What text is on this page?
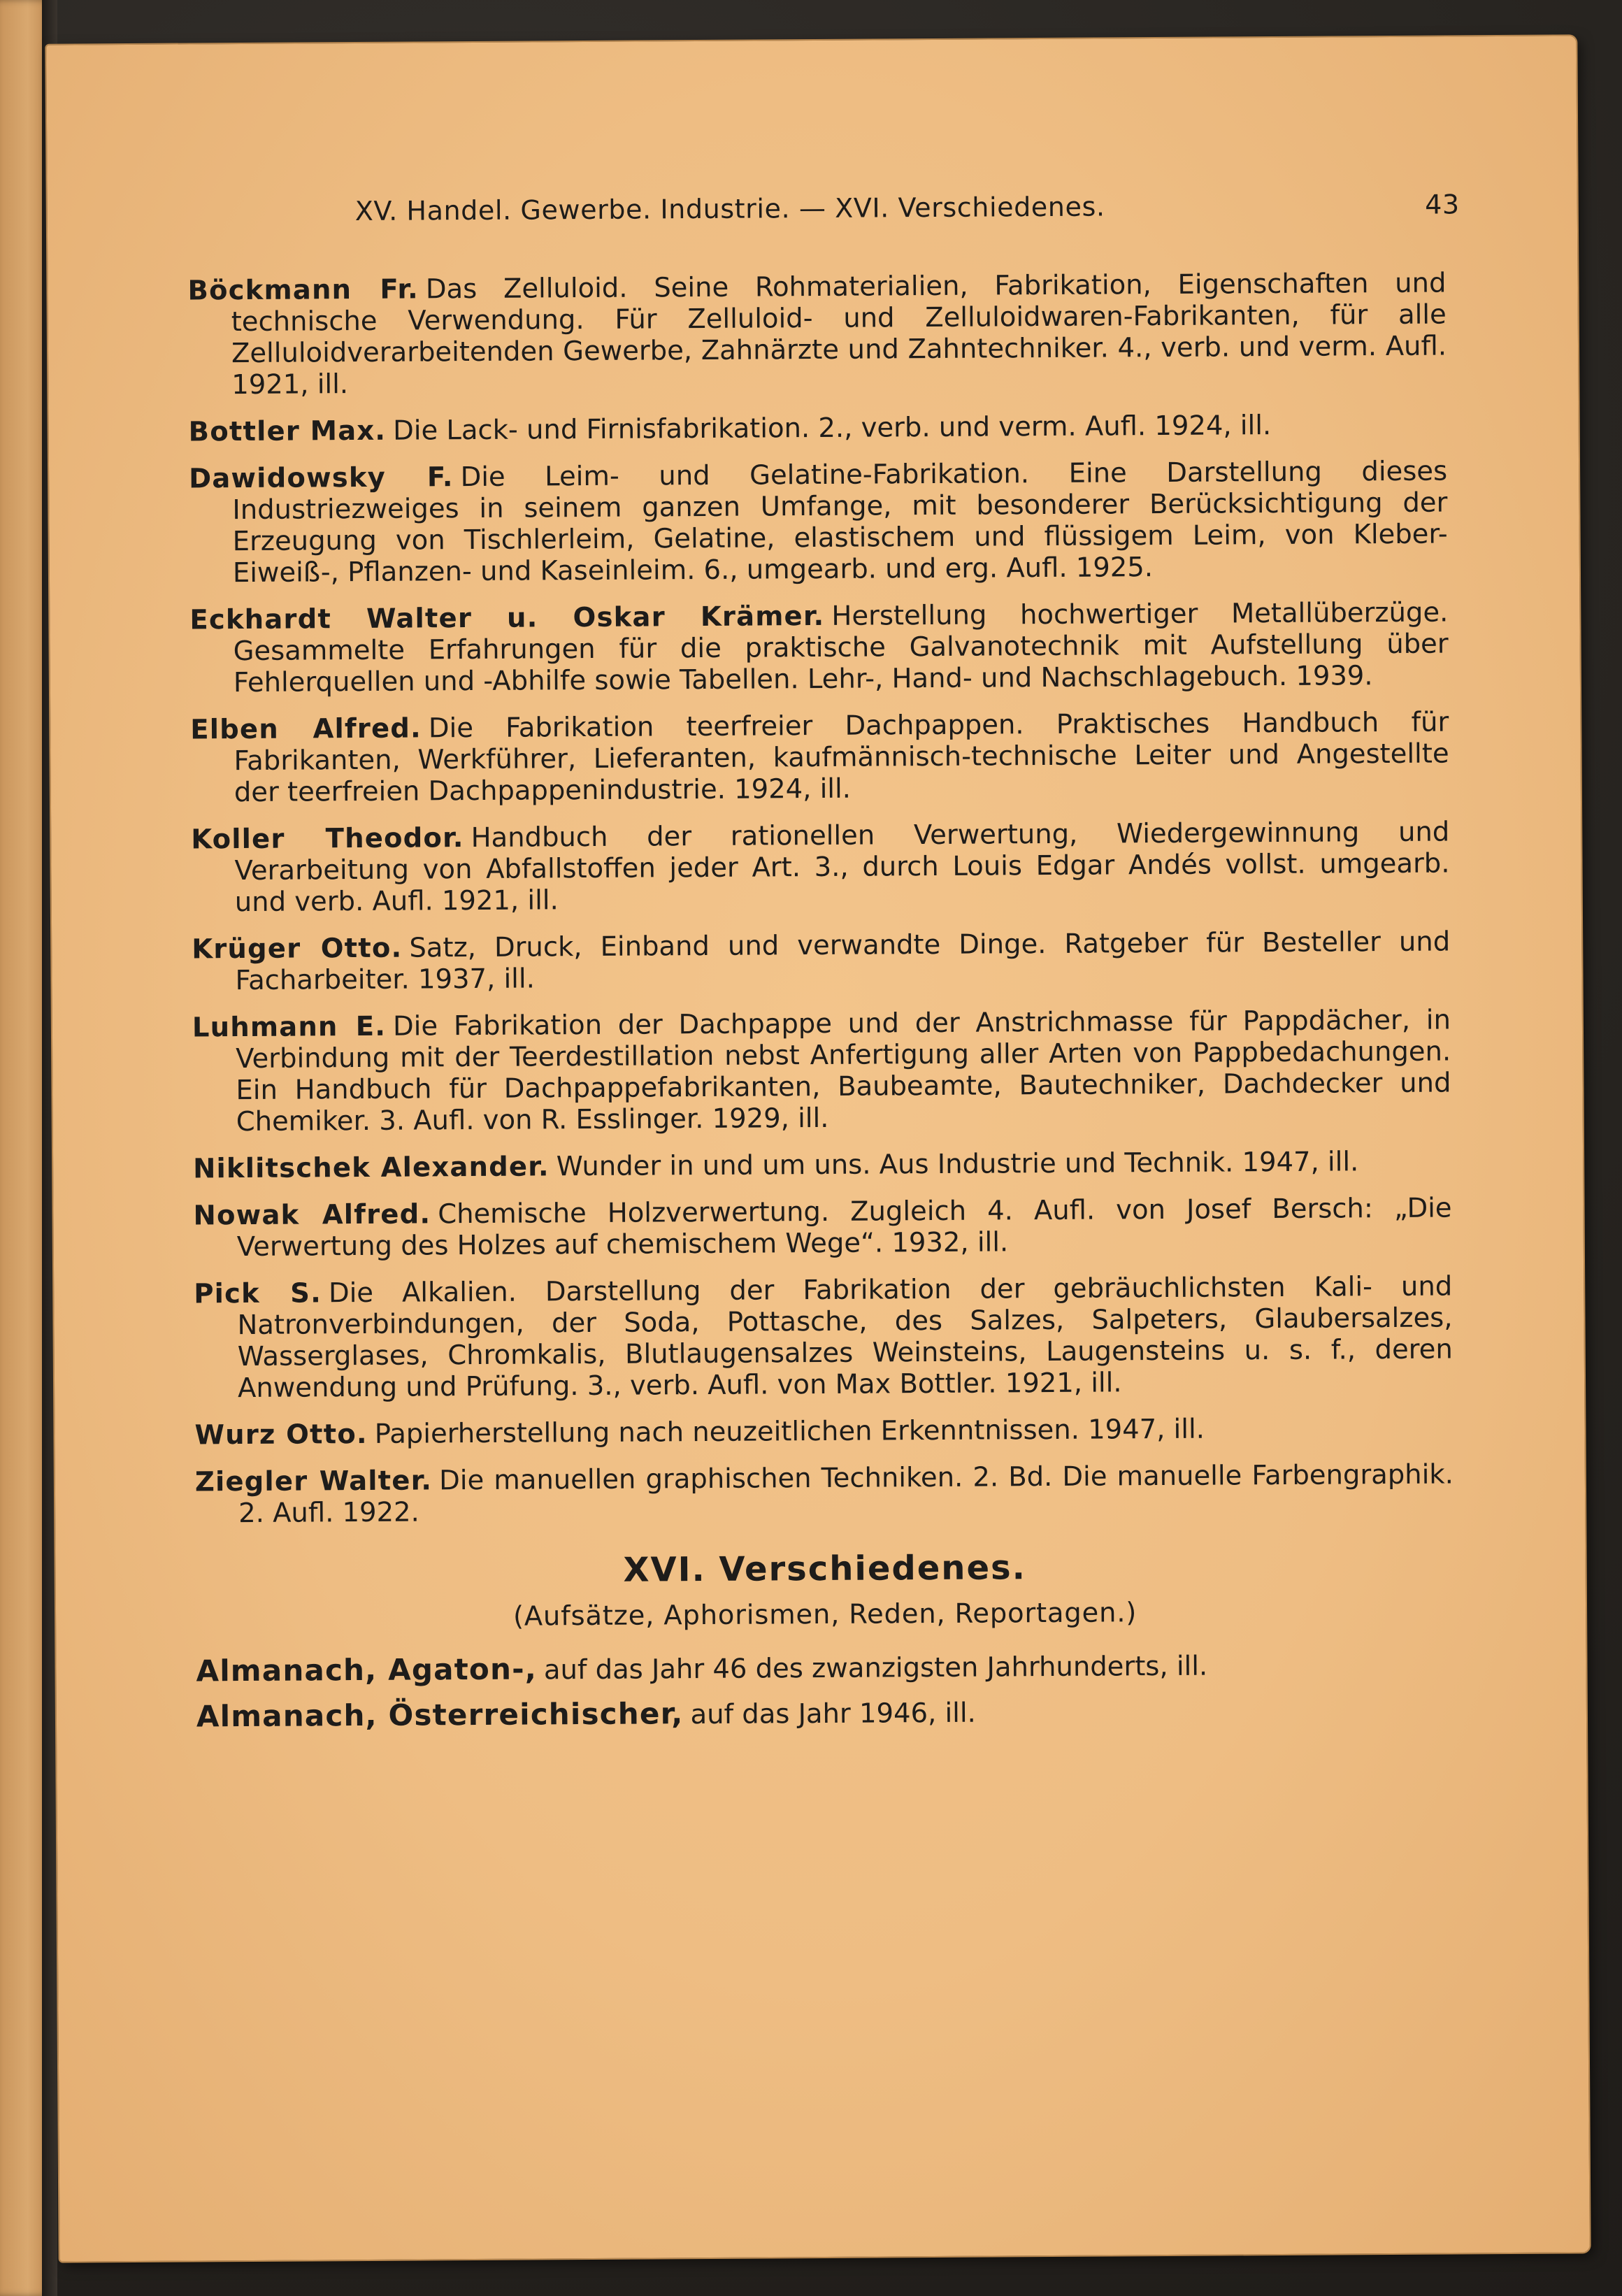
XV. Handel. Gewerbe. Industrie. — XVI. Verschiedenes.	43
Böckmann Fr. Das Zelluloid. Seine Rohmaterialien, Fabrikation, Eigenschaften und technische Verwendung. Für Zelluloid- und Zelluloidwaren-Fabrikanten, für alle Zelluloidverarbeitenden Gewerbe, Zahnärzte und Zahntechniker. 4., verb. und verm. Aufl. 1921, ill.
Bottler Max. Die Lack- und Firnisfabrikation. 2., verb. und verm. Aufl. 1924, ill.
Dawidowsky F. Die Leim- und Gelatine-Fabrikation. Eine Darstellung dieses Industriezweiges in seinem ganzen Umfange, mit besonderer Berücksichtigung der Erzeugung von Tischlerleim, Gelatine, elastischem und flüssigem Leim, von Kleber-Eiweiß-, Pflanzen- und Kaseinleim. 6., umgearb. und erg. Aufl. 1925.
Eckhardt Walter u. Oskar Krämer. Herstellung hochwertiger Metallüberzüge. Gesammelte Erfahrungen für die praktische Galvanotechnik mit Aufstellung über Fehlerquellen und -Abhilfe sowie Tabellen. Lehr-, Hand- und Nachschlagebuch. 1939.
Elben Alfred. Die Fabrikation teerfreier Dachpappen. Praktisches Handbuch für Fabrikanten, Werkführer, Lieferanten, kaufmännisch-technische Leiter und Angestellte der teerfreien Dachpappenindustrie. 1924, ill.
Koller Theodor. Handbuch der rationellen Verwertung, Wiedergewinnung und Verarbeitung von Abfallstoffen jeder Art. 3., durch Louis Edgar Andés vollst. umgearb. und verb. Aufl. 1921, ill.
Krüger Otto. Satz, Druck, Einband und verwandte Dinge. Ratgeber für Besteller und Facharbeiter. 1937, ill.
Luhmann E. Die Fabrikation der Dachpappe und der Anstrichmasse für Pappdächer, in Verbindung mit der Teerdestillation nebst Anfertigung aller Arten von Pappbedachungen. Ein Handbuch für Dachpappefabrikanten, Baubeamte, Bautechniker, Dachdecker und Chemiker. 3. Aufl. von R. Esslinger. 1929, ill.
Niklitschek Alexander. Wunder in und um uns. Aus Industrie und Technik. 1947, ill.
Nowak Alfred. Chemische Holzverwertung. Zugleich 4. Aufl. von Josef Bersch: „Die Verwertung des Holzes auf chemischem Wege“. 1932, ill.
Pick S. Die Alkalien. Darstellung der Fabrikation der gebräuchlichsten Kali- und Natronverbindungen, der Soda, Pottasche, des Salzes, Salpeters, Glaubersalzes, Wasserglases, Chromkalis, Blutlaugensalzes Weinsteins, Laugensteins u. s. f., deren Anwendung und Prüfung. 3., verb. Aufl. von Max Bottler. 1921, ill.
Wurz Otto. Papierherstellung nach neuzeitlichen Erkenntnissen. 1947, ill.
Ziegler Walter. Die manuellen graphischen Techniken. 2. Bd. Die manuelle Farbengraphik. 2. Aufl. 1922.
XVI. Verschiedenes.
(Aufsätze, Aphorismen, Reden, Reportagen.)
Almanach, Agaton-, auf das Jahr 46 des zwanzigsten Jahrhunderts, ill.
Almanach, Österreichischer, auf das Jahr 1946, ill.
